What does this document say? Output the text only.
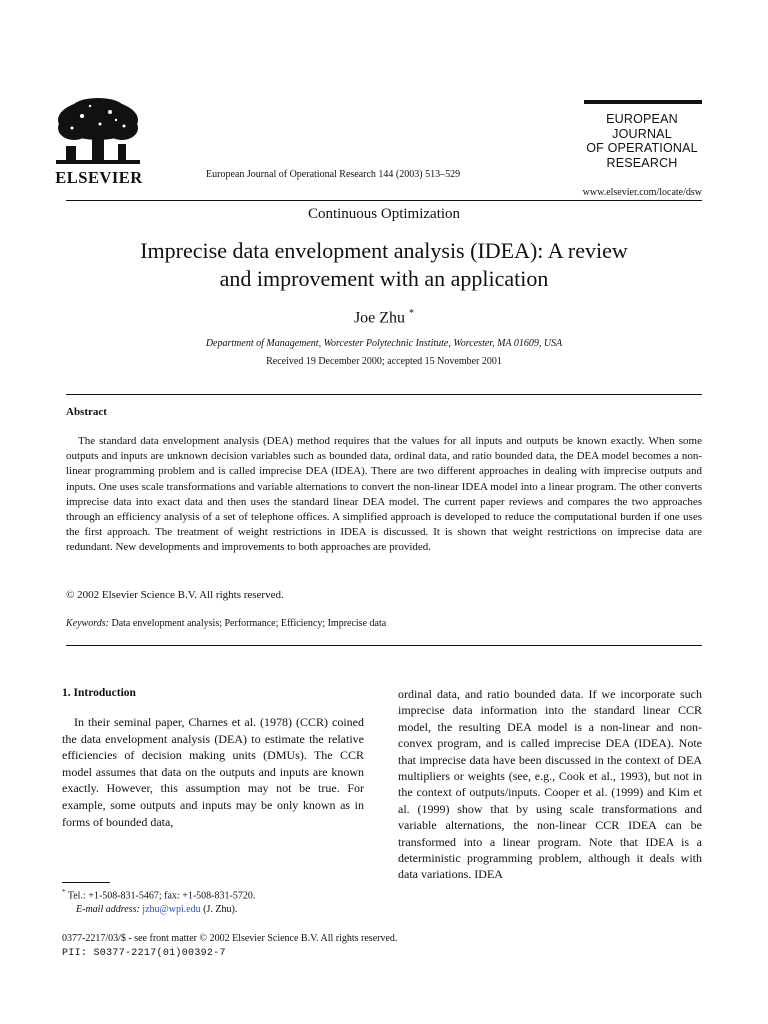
ELSEVIER	European Journal of Operational Research 144 (2003) 513–529
EUROPEAN
JOURNAL
OF OPERATIONAL
RESEARCH
www.elsevier.com/locate/dsw
Continuous Optimization
Imprecise data envelopment analysis (IDEA): A review
and improvement with an application
Joe Zhu *
Department of Management, Worcester Polytechnic Institute, Worcester, MA 01609, USA
Received 19 December 2000; accepted 15 November 2001
Abstract

The standard data envelopment analysis (DEA) method requires that the values for all inputs and outputs be known exactly. When some outputs and inputs are unknown decision variables such as bounded data, ordinal data, and ratio bounded data, the DEA model becomes a non-linear programming problem and is called imprecise DEA (IDEA). There are two different approaches in dealing with imprecise outputs and inputs. One uses scale transformations and variable alternations to convert the non-linear IDEA model into a linear program. The other converts imprecise data into exact data and then uses the standard linear DEA model. The current paper reviews and compares the two approaches through an efficiency analysis of a set of telephone offices. A simplified approach is developed to reduce the computational burden if one uses the first approach. The treatment of weight restrictions in IDEA is discussed. It is shown that weight restrictions on imprecise data are redundant. New developments and improvements to both approaches are provided.

© 2002 Elsevier Science B.V. All rights reserved.
Keywords: Data envelopment analysis; Performance; Efficiency; Imprecise data
1. Introduction

In their seminal paper, Charnes et al. (1978) (CCR) coined the data envelopment analysis (DEA) to estimate the relative efficiencies of decision making units (DMUs). The CCR model assumes that data on the outputs and inputs are known exactly. However, this assumption may not be true. For example, some outputs and inputs may be only known as in forms of bounded data,

ordinal data, and ratio bounded data. If we incorporate such imprecise data information into the standard linear CCR model, the resulting DEA model is a non-linear and non-convex program, and is called imprecise DEA (IDEA). Note that imprecise data have been discussed in the context of DEA multipliers or weights (see, e.g., Cook et al., 1993), but not in the context of outputs/inputs. Cooper et al. (1999) and Kim et al. (1999) show that by using scale transformations and variable alternations, the non-linear CCR IDEA can be transformed into a linear program. Note that IDEA is a deterministic programming problem, although it deals with data variations. IDEA

* Tel.: +1-508-831-5467; fax: +1-508-831-5720.
E-mail address: jzhu@wpi.edu (J. Zhu).
0377-2217/03/$ - see front matter © 2002 Elsevier Science B.V. All rights reserved.
PII: S0377-2217(01)00392-7
